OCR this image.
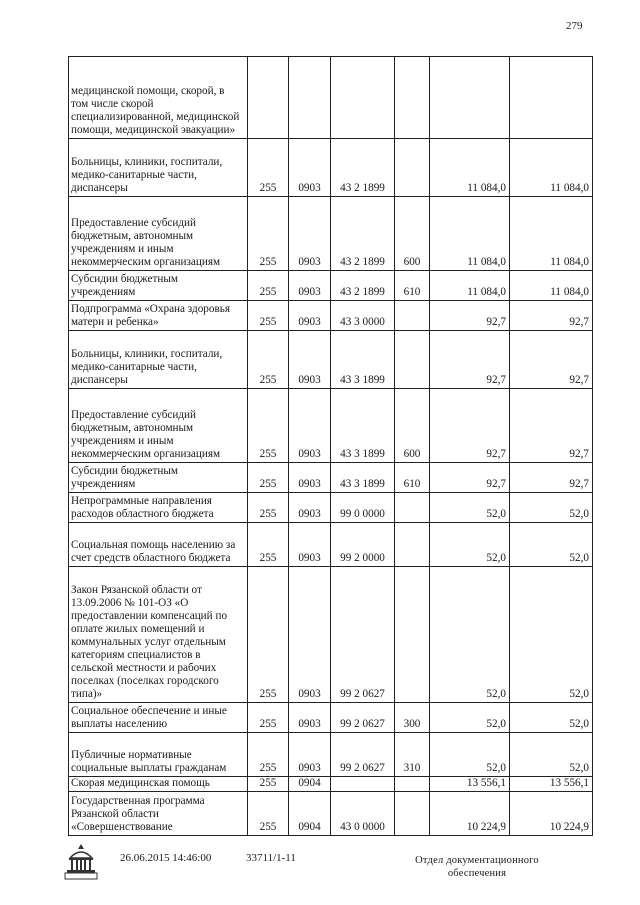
279
медицинской помощи, скорой, в том числе скорой специализированной, медицинской помощи, медицинской эвакуации»						
Больницы, клиники, госпитали, медико-санитарные части, диспансеры	255	0903	43 2 1899		11 084,0	11 084,0
Предоставление субсидий бюджетным, автономным учреждениям и иным некоммерческим организациям	255	0903	43 2 1899	600	11 084,0	11 084,0
Субсидии бюджетным учреждениям	255	0903	43 2 1899	610	11 084,0	11 084,0
Подпрограмма «Охрана здоровья матери и ребенка»	255	0903	43 3 0000		92,7	92,7
Больницы, клиники, госпитали, медико-санитарные части, диспансеры	255	0903	43 3 1899		92,7	92,7
Предоставление субсидий бюджетным, автономным учреждениям и иным некоммерческим организациям	255	0903	43 3 1899	600	92,7	92,7
Субсидии бюджетным учреждениям	255	0903	43 3 1899	610	92,7	92,7
Непрограммные направления расходов областного бюджета	255	0903	99 0 0000		52,0	52,0
Социальная помощь населению за счет средств областного бюджета	255	0903	99 2 0000		52,0	52,0
Закон Рязанской области от 13.09.2006 № 101-ОЗ «О предоставлении компенсаций по оплате жилых помещений и коммунальных услуг отдельным категориям специалистов в сельской местности и рабочих поселках (поселках городского типа)»	255	0903	99 2 0627		52,0	52,0
Социальное обеспечение и иные выплаты населению	255	0903	99 2 0627	300	52,0	52,0
Публичные нормативные социальные выплаты гражданам	255	0903	99 2 0627	310	52,0	52,0
Скорая медицинская помощь	255	0904			13 556,1	13 556,1
Государственная программа Рязанской области «Совершенствование	255	0904	43 0 0000		10 224,9	10 224,9
26.06.2015 14:46:00	33711/1-11	Отдел документационного
обеспечения
